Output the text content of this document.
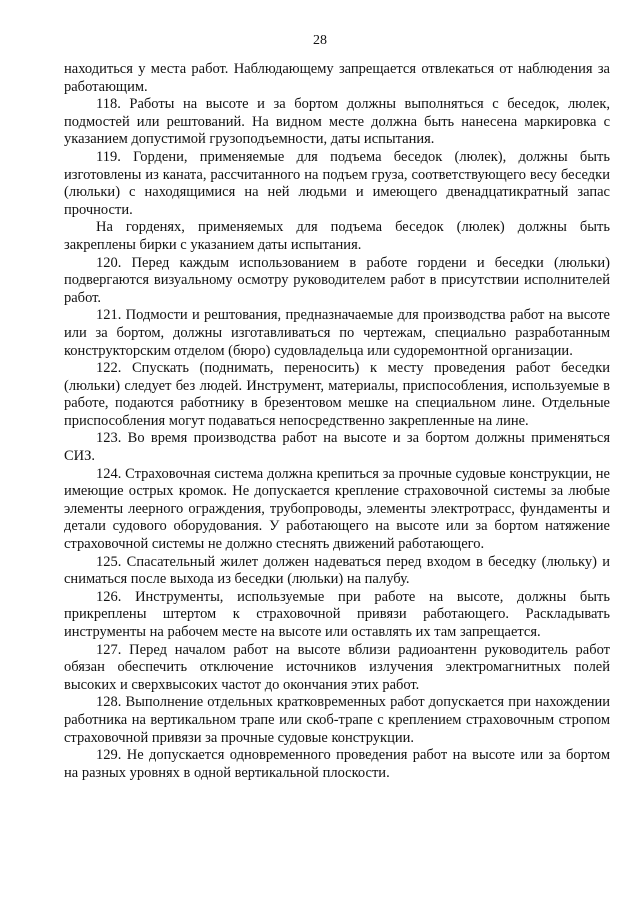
28

находиться у места работ. Наблюдающему запрещается отвлекаться от наблюдения за работающим.

118. Работы на высоте и за бортом должны выполняться с беседок, люлек, подмостей или рештований. На видном месте должна быть нанесена маркировка с указанием допустимой грузоподъемности, даты испытания.

119. Гордени, применяемые для подъема беседок (люлек), должны быть изготовлены из каната, рассчитанного на подъем груза, соответствующего весу беседки (люльки) с находящимися на ней людьми и имеющего двенадцатикратный запас прочности.

На горденях, применяемых для подъема беседок (люлек) должны быть закреплены бирки с указанием даты испытания.

120. Перед каждым использованием в работе гордени и беседки (люльки) подвергаются визуальному осмотру руководителем работ в присутствии исполнителей работ.

121. Подмости и рештования, предназначаемые для производства работ на высоте или за бортом, должны изготавливаться по чертежам, специально разработанным конструкторским отделом (бюро) судовладельца или судоремонтной организации.

122. Спускать (поднимать, переносить) к месту проведения работ беседки (люльки) следует без людей. Инструмент, материалы, приспособления, используемые в работе, подаются работнику в брезентовом мешке на специальном лине. Отдельные приспособления могут подаваться непосредственно закрепленные на лине.

123. Во время производства работ на высоте и за бортом должны применяться СИЗ.

124. Страховочная система должна крепиться за прочные судовые конструкции, не имеющие острых кромок. Не допускается крепление страховочной системы за любые элементы леерного ограждения, трубопроводы, элементы электротрасс, фундаменты и детали судового оборудования. У работающего на высоте или за бортом натяжение страховочной системы не должно стеснять движений работающего.

125. Спасательный жилет должен надеваться перед входом в беседку (люльку) и сниматься после выхода из беседки (люльки) на палубу.

126. Инструменты, используемые при работе на высоте, должны быть прикреплены штертом к страховочной привязи работающего. Раскладывать инструменты на рабочем месте на высоте или оставлять их там запрещается.

127. Перед началом работ на высоте вблизи радиоантенн руководитель работ обязан обеспечить отключение источников излучения электромагнитных полей высоких и сверхвысоких частот до окончания этих работ.

128. Выполнение отдельных кратковременных работ допускается при нахождении работника на вертикальном трапе или скоб-трапе с креплением страховочным стропом страховочной привязи за прочные судовые конструкции.

129. Не допускается одновременного проведения работ на высоте или за бортом на разных уровнях в одной вертикальной плоскости.
